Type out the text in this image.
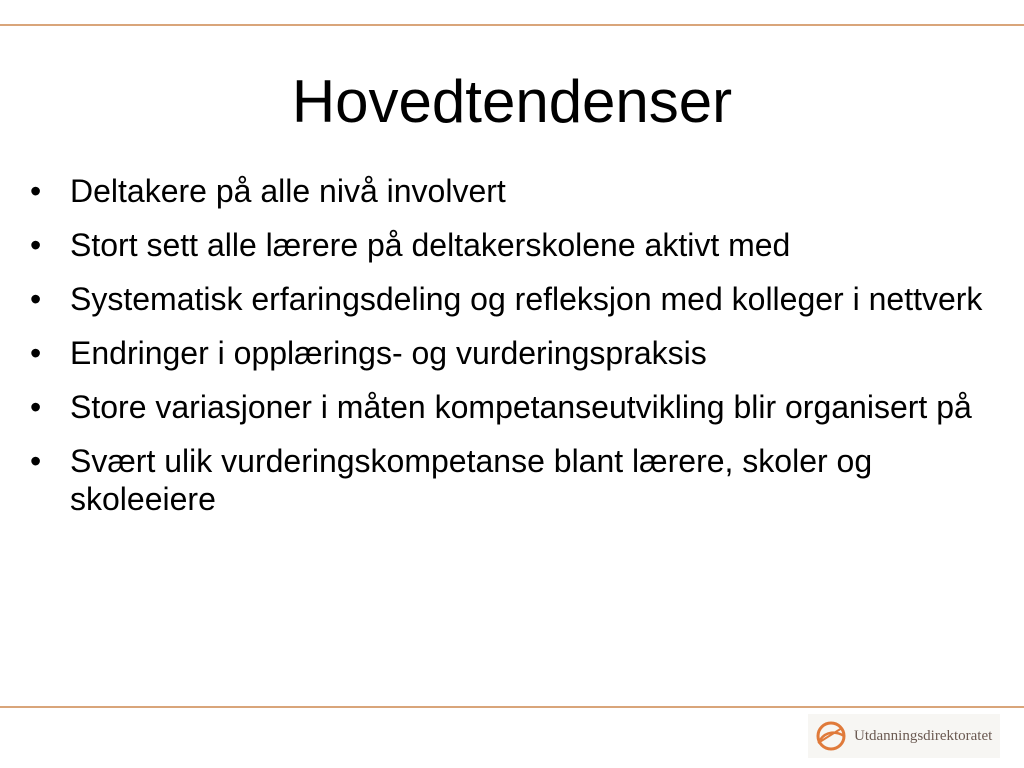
Hovedtendenser
• Deltakere på alle nivå involvert
• Stort sett alle lærere på deltakerskolene aktivt med
• Systematisk erfaringsdeling og refleksjon med kolleger i nettverk
• Endringer i opplærings- og vurderingspraksis
• Store variasjoner i måten kompetanseutvikling blir organisert på
• Svært ulik vurderingskompetanse blant lærere, skoler og skoleeiere
Utdanningsdirektoratet
